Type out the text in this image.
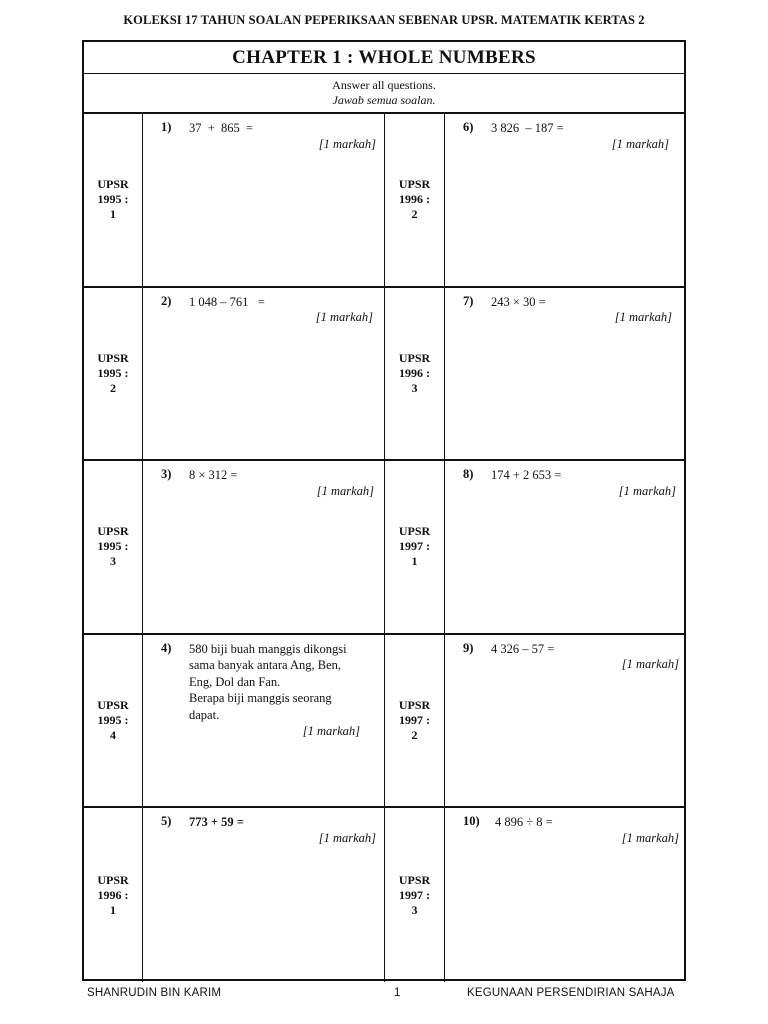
KOLEKSI 17 TAHUN SOALAN PEPERIKSAAN SEBENAR UPSR. MATEMATIK KERTAS 2
CHAPTER 1 : WHOLE NUMBERS
Answer all questions.
Jawab semua soalan.
UPSR
1995 :
1
1) 37  +  865  =
[1 markah]
UPSR
1996 :
2
6) 3 826  – 187 =
[1 markah]
UPSR
1995 :
2
2) 1 048 – 761   =
[1 markah]
UPSR
1996 :
3
7) 243 × 30 =
[1 markah]
UPSR
1995 :
3
3) 8 × 312 =
[1 markah]
UPSR
1997 :
1
8) 174 + 2 653 =
[1 markah]
UPSR
1995 :
4
4) 580 biji buah manggis dikongsi
sama banyak antara Ang, Ben,
Eng, Dol dan Fan.
Berapa biji manggis seorang
dapat.
[1 markah]
UPSR
1997 :
2
9) 4 326 – 57 =
[1 markah]
UPSR
1996 :
1
5) 773 + 59 =
[1 markah]
UPSR
1997 :
3
10) 4 896 ÷ 8 =
[1 markah]
SHANRUDIN BIN KARIM	1	KEGUNAAN PERSENDIRIAN SAHAJA
